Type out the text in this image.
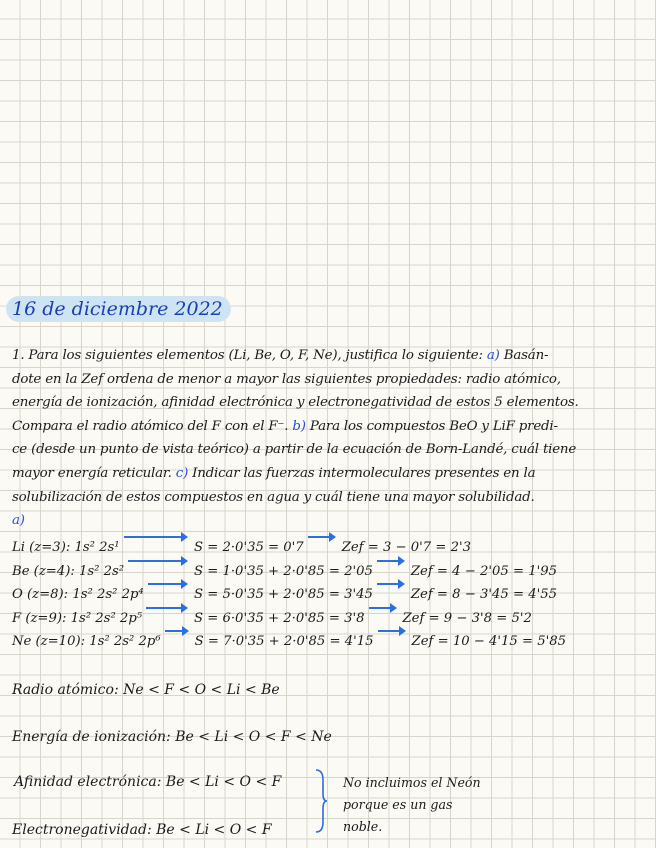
16 de diciembre 2022
1. Para los siguientes elementos (Li, Be, O, F, Ne), justifica lo siguiente: a) Basán-
dote en la Zef ordena de menor a mayor las siguientes propiedades: radio atómico,
energía de ionización, afinidad electrónica y electronegatividad de estos 5 elementos.
Compara el radio atómico del F con el F⁻. b) Para los compuestos BeO y LiF predi-
ce (desde un punto de vista teórico) a partir de la ecuación de Born-Landé, cuál tiene
mayor energía reticular. c) Indicar las fuerzas intermoleculares presentes en la
solubilización de estos compuestos en agua y cuál tiene una mayor solubilidad.
a)
Li (z=3): 1s² 2s¹	S = 2·0'35 = 0'7	Zef = 3 − 0'7 = 2'3
Be (z=4): 1s² 2s²	S = 1·0'35 + 2·0'85 = 2'05	Zef = 4 − 2'05 = 1'95
O (z=8): 1s² 2s² 2p⁴	S = 5·0'35 + 2·0'85 = 3'45	Zef = 8 − 3'45 = 4'55
F (z=9): 1s² 2s² 2p⁵	S = 6·0'35 + 2·0'85 = 3'8	Zef = 9 − 3'8 = 5'2
Ne (z=10): 1s² 2s² 2p⁶	S = 7·0'35 + 2·0'85 = 4'15	Zef = 10 − 4'15 = 5'85
Radio atómico: Ne < F < O < Li < Be
Energía de ionización: Be < Li < O < F < Ne
Afinidad electrónica: Be < Li < O < F
Electronegatividad: Be < Li < O < F
No incluimos el Neón porque es un gas noble.
